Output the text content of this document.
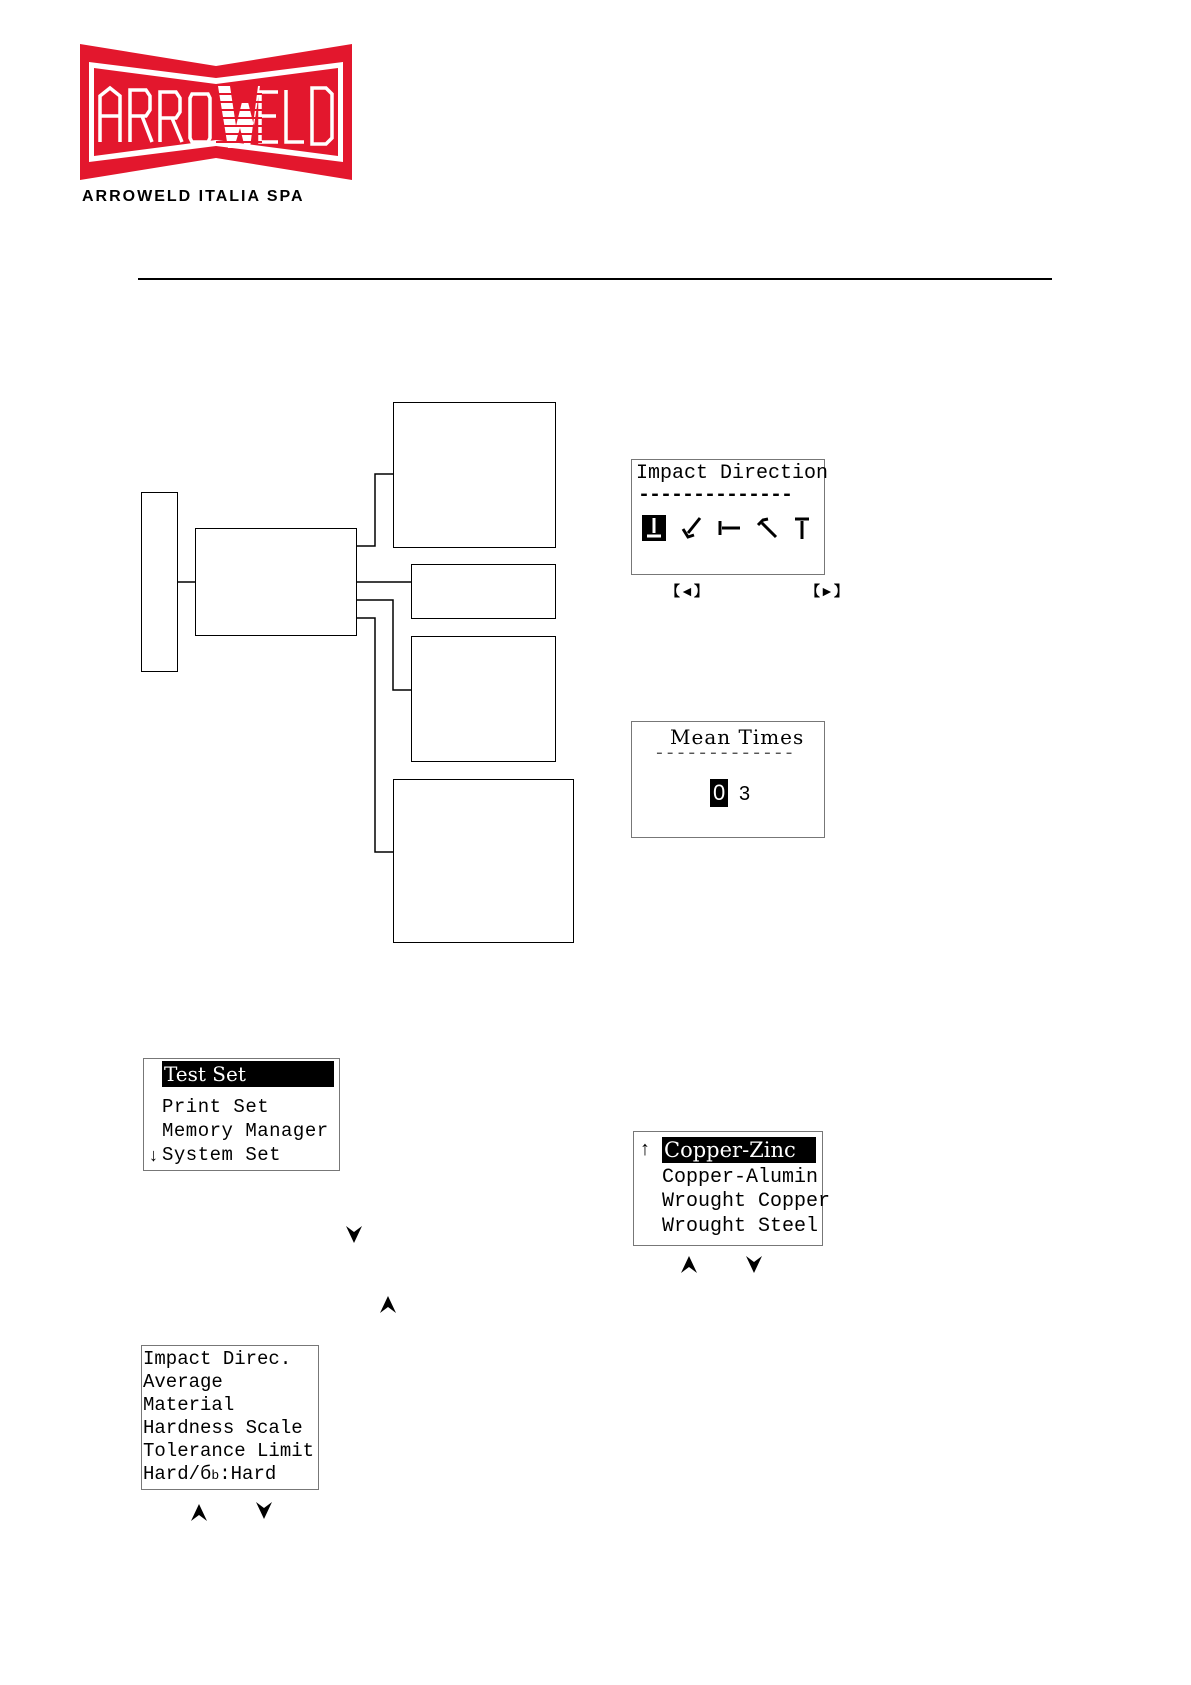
ARROWELD ITALIA SPA
Impact Direction
--------------
【◄】	【►】
Mean Times
-------------
0 3
Test Set
Print Set
Memory Manager
↓ System Set
Impact Direc.
Average
Material
Hardness Scale
Tolerance Limit
Hard/бb:Hard
↑ Copper-Zinc
Copper-Alumin
Wrought Copper
Wrought Steel
▲ ▼ ⮟ ⮝
